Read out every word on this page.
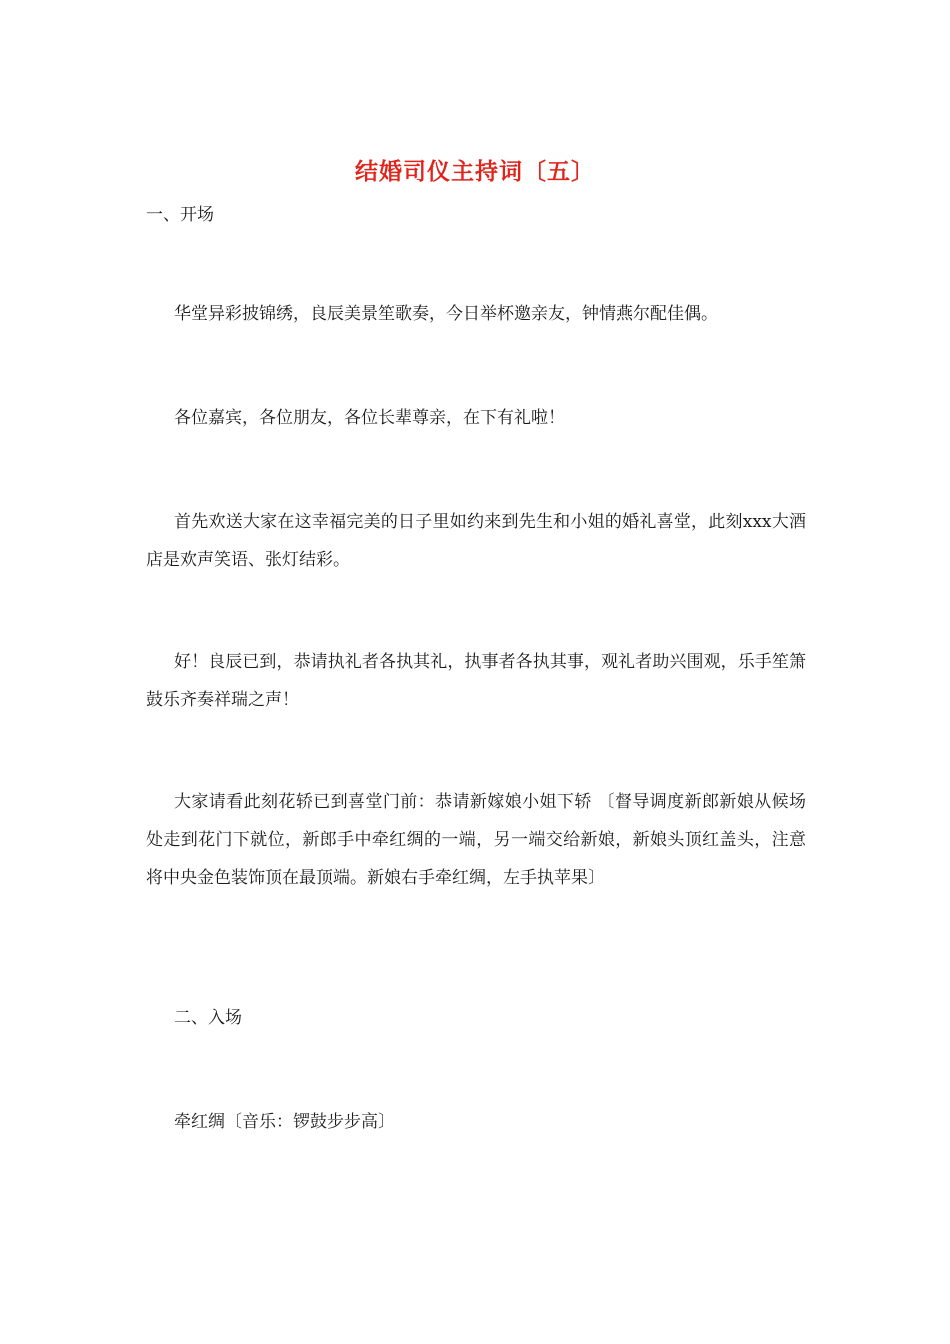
结婚司仪主持词〔五〕

一、开场

华堂异彩披锦绣，良辰美景笙歌奏，今日举杯邀亲友，钟情燕尔配佳偶。

各位嘉宾，各位朋友，各位长辈尊亲，在下有礼啦！

首先欢送大家在这幸福完美的日子里如约来到先生和小姐的婚礼喜堂，此刻xxx大酒店是欢声笑语、张灯结彩。

好！良辰已到，恭请执礼者各执其礼，执事者各执其事，观礼者助兴围观，乐手笙箫鼓乐齐奏祥瑞之声！

大家请看此刻花轿已到喜堂门前：恭请新嫁娘小姐下轿 〔督导调度新郎新娘从候场处走到花门下就位，新郎手中牵红绸的一端，另一端交给新娘，新娘头顶红盖头，注意将中央金色装饰顶在最顶端。新娘右手牵红绸，左手执苹果〕

二、入场

牵红绸〔音乐：锣鼓步步高〕
